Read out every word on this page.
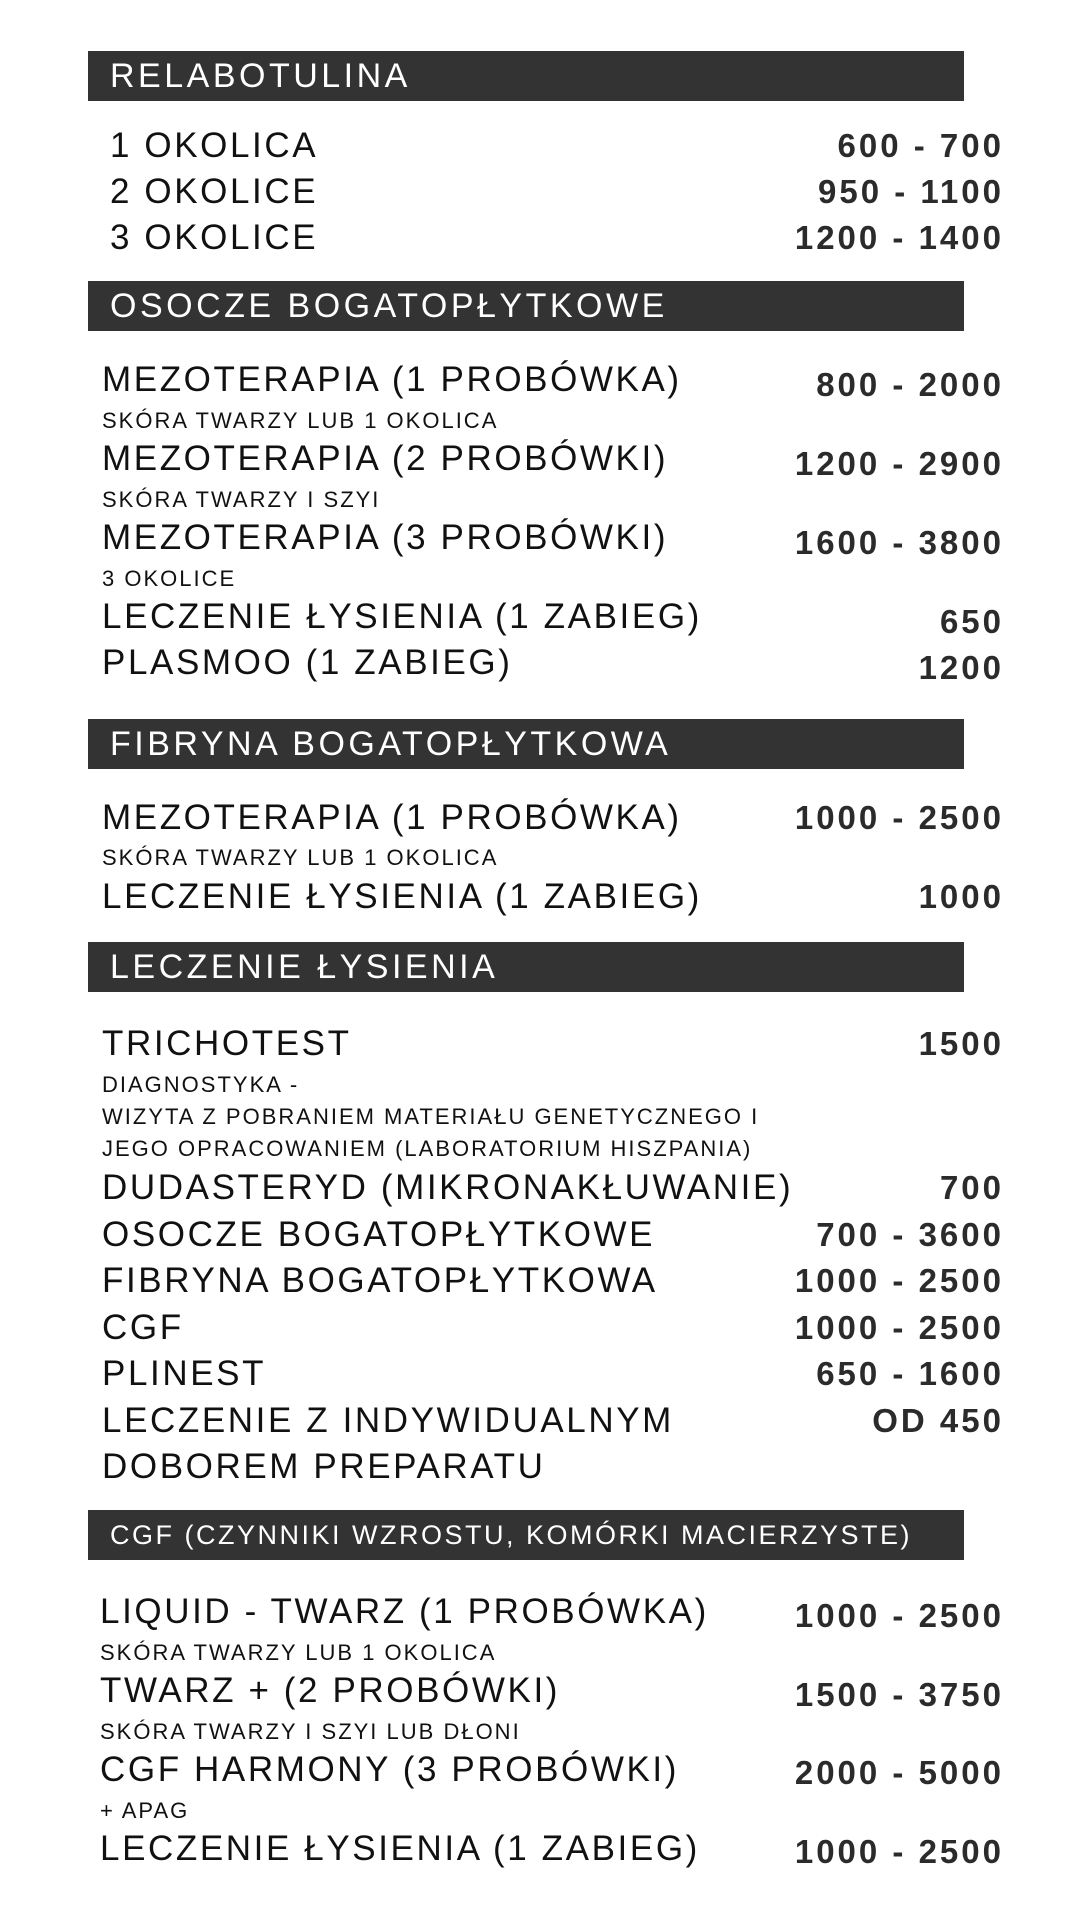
RELABOTULINA
1 OKOLICA	600 - 700
2 OKOLICE	950 - 1100
3 OKOLICE	1200 - 1400
OSOCZE BOGATOPŁYTKOWE
MEZOTERAPIA (1 PROBÓWKA)	800 - 2000
SKÓRA TWARZY LUB 1 OKOLICA
MEZOTERAPIA (2 PROBÓWKI)	1200 - 2900
SKÓRA TWARZY I SZYI
MEZOTERAPIA (3 PROBÓWKI)	1600 - 3800
3 OKOLICE
LECZENIE ŁYSIENIA (1 ZABIEG)	650
PLASMOO (1 ZABIEG)	1200
FIBRYNA BOGATOPŁYTKOWA
MEZOTERAPIA (1 PROBÓWKA)	1000 - 2500
SKÓRA TWARZY LUB 1 OKOLICA
LECZENIE ŁYSIENIA (1 ZABIEG)	1000
LECZENIE ŁYSIENIA
TRICHOTEST	1500
DIAGNOSTYKA -
WIZYTA Z POBRANIEM MATERIAŁU GENETYCZNEGO I
JEGO OPRACOWANIEM (LABORATORIUM HISZPANIA)
DUDASTERYD (MIKRONAKŁUWANIE)	700
OSOCZE BOGATOPŁYTKOWE	700 - 3600
FIBRYNA BOGATOPŁYTKOWA	1000 - 2500
CGF	1000 - 2500
PLINEST	650 - 1600
LECZENIE Z INDYWIDUALNYM	OD 450
DOBOREM PREPARATU
CGF (CZYNNIKI WZROSTU, KOMÓRKI MACIERZYSTE)
LIQUID - TWARZ (1 PROBÓWKA)	1000 - 2500
SKÓRA TWARZY LUB 1 OKOLICA
TWARZ + (2 PROBÓWKI)	1500 - 3750
SKÓRA TWARZY I SZYI LUB DŁONI
CGF HARMONY (3 PROBÓWKI)	2000 - 5000
+ APAG
LECZENIE ŁYSIENIA (1 ZABIEG)	1000 - 2500
